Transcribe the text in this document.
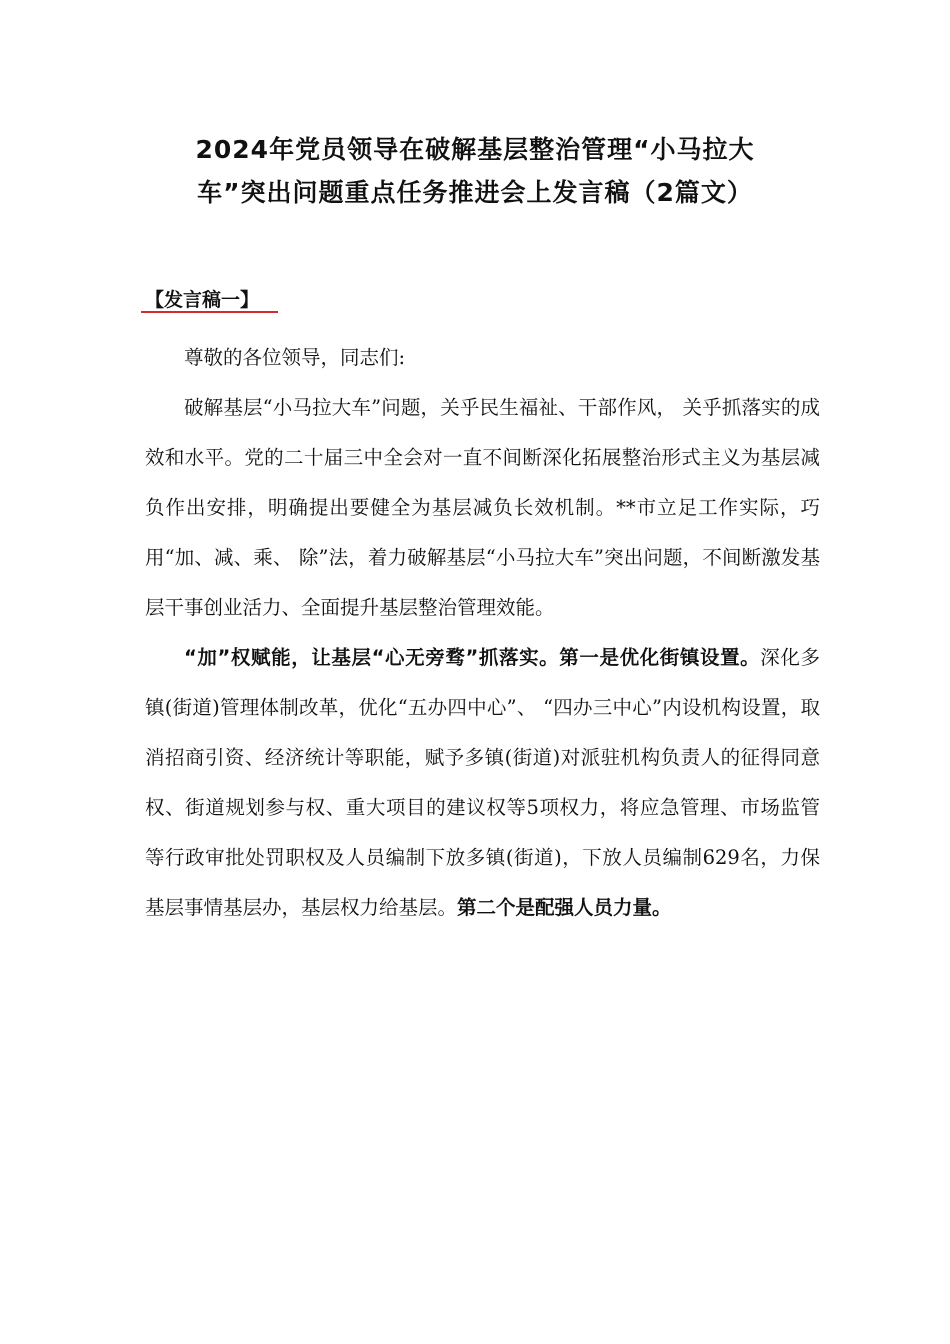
2024年党员领导在破解基层整治管理“小马拉大
车”突出问题重点任务推进会上发言稿（2篇文）
【发言稿一】

尊敬的各位领导，同志们:

破解基层“小马拉大车”问题，关乎民生福祉、干部作风， 关乎抓落实的成效和水平。党的二十届三中全会对一直不间断深化拓展整治形式主义为基层减负作出安排，明确提出要健全为基层减负长效机制。**市立足工作实际，巧用“加、减、乘、 除”法，着力破解基层“小马拉大车”突出问题，不间断激发基层干事创业活力、全面提升基层整治管理效能。

“加”权赋能，让基层“心无旁骛”抓落实。第一是优化街镇设置。深化多镇(街道)管理体制改革，优化“五办四中心”、 “四办三中心”内设机构设置，取消招商引资、经济统计等职能，赋予多镇(街道)对派驻机构负责人的征得同意权、街道规划参与权、重大项目的建议权等5项权力，将应急管理、市场监管等行政审批处罚职权及人员编制下放多镇(街道)，下放人员编制629名，力保基层事情基层办，基层权力给基层。第二个是配强人员力量。
